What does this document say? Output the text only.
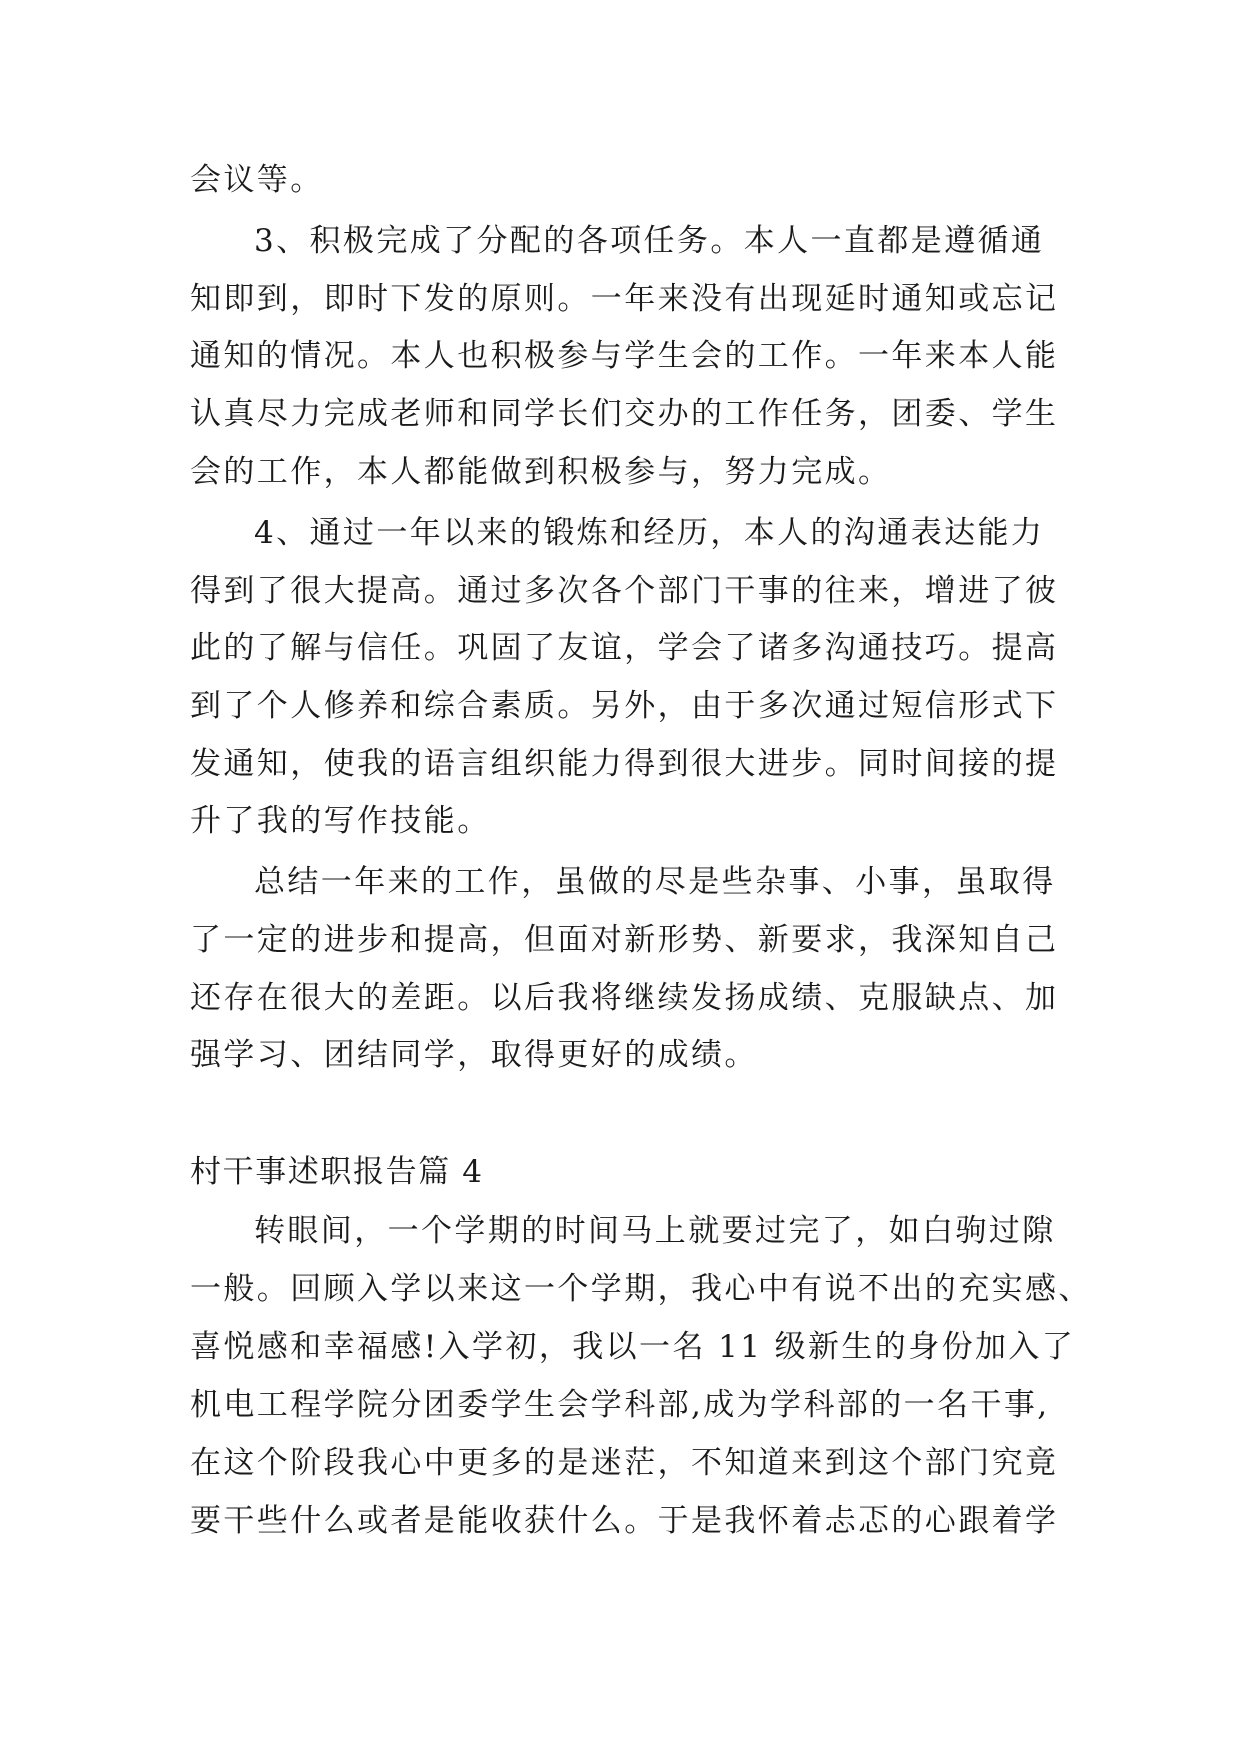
会议等。
3、积极完成了分配的各项任务。本人一直都是遵循通
知即到，即时下发的原则。一年来没有出现延时通知或忘记
通知的情况。本人也积极参与学生会的工作。一年来本人能
认真尽力完成老师和同学长们交办的工作任务，团委、学生
会的工作，本人都能做到积极参与，努力完成。
4、通过一年以来的锻炼和经历，本人的沟通表达能力
得到了很大提高。通过多次各个部门干事的往来，增进了彼
此的了解与信任。巩固了友谊，学会了诸多沟通技巧。提高
到了个人修养和综合素质。另外，由于多次通过短信形式下
发通知，使我的语言组织能力得到很大进步。同时间接的提
升了我的写作技能。
总结一年来的工作，虽做的尽是些杂事、小事，虽取得
了一定的进步和提高，但面对新形势、新要求，我深知自己
还存在很大的差距。以后我将继续发扬成绩、克服缺点、加
强学习、团结同学，取得更好的成绩。
村干事述职报告篇 4
转眼间，一个学期的时间马上就要过完了，如白驹过隙
一般。回顾入学以来这一个学期，我心中有说不出的充实感、
喜悦感和幸福感!入学初，我以一名 11 级新生的身份加入了
机电工程学院分团委学生会学科部,成为学科部的一名干事,
在这个阶段我心中更多的是迷茫，不知道来到这个部门究竟
要干些什么或者是能收获什么。于是我怀着忐忑的心跟着学
